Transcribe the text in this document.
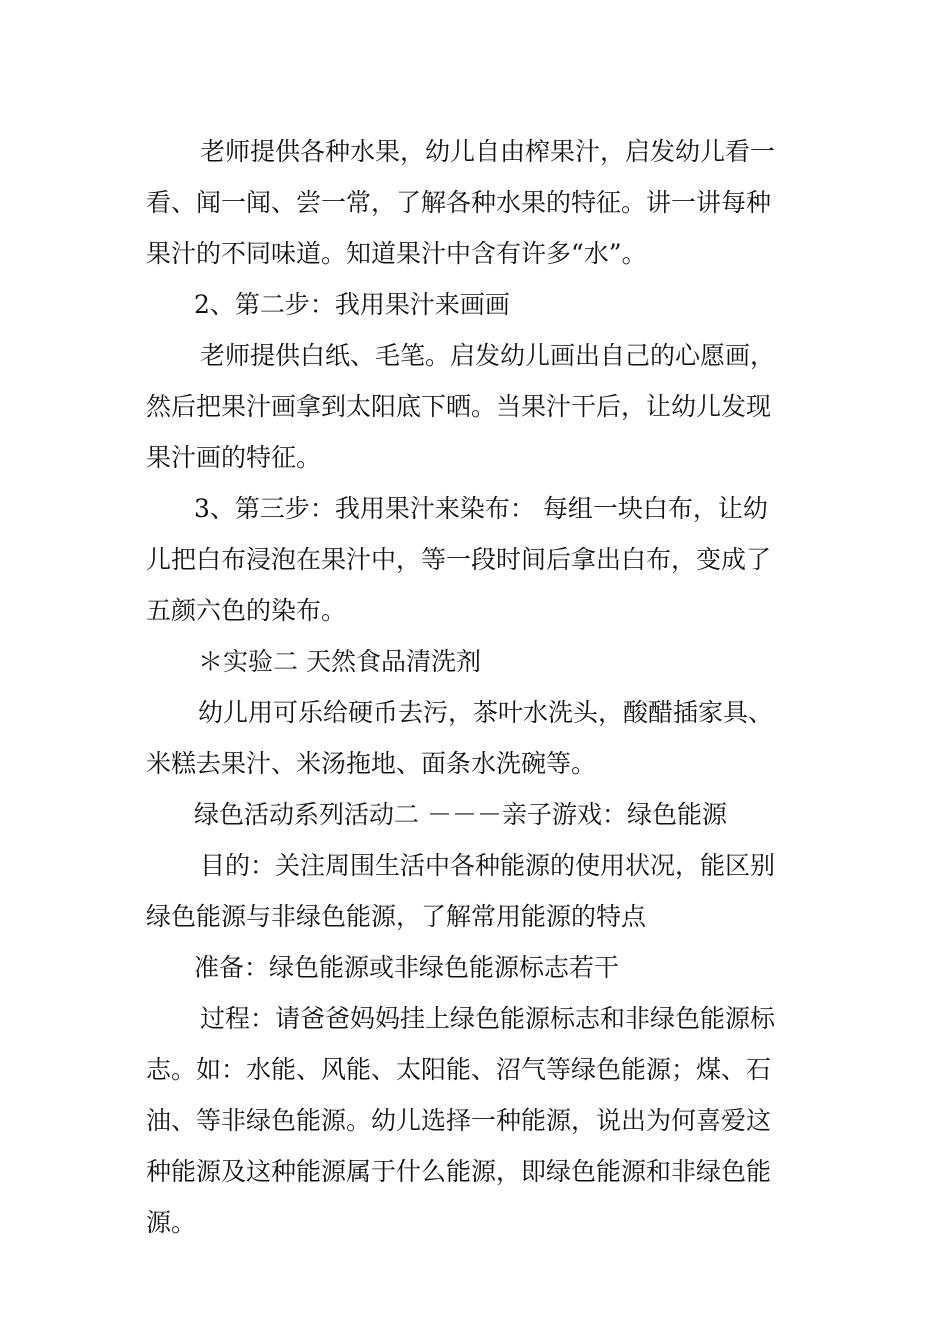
老师提供各种水果，幼儿自由榨果汁，启发幼儿看一
看、闻一闻、尝一常，了解各种水果的特征。讲一讲每种
果汁的不同味道。知道果汁中含有许多“水”。
2、第二步：我用果汁来画画
老师提供白纸、毛笔。启发幼儿画出自己的心愿画，
然后把果汁画拿到太阳底下晒。当果汁干后，让幼儿发现
果汁画的特征。
3、第三步：我用果汁来染布： 每组一块白布，让幼
儿把白布浸泡在果汁中，等一段时间后拿出白布，变成了
五颜六色的染布。
＊实验二 天然食品清洗剂
幼儿用可乐给硬币去污，茶叶水洗头，酸醋插家具、
米糕去果汁、米汤拖地、面条水洗碗等。
绿色活动系列活动二 －－－亲子游戏：绿色能源
目的：关注周围生活中各种能源的使用状况，能区别
绿色能源与非绿色能源，了解常用能源的特点
准备：绿色能源或非绿色能源标志若干
过程：请爸爸妈妈挂上绿色能源标志和非绿色能源标
志。如：水能、风能、太阳能、沼气等绿色能源；煤、石
油、等非绿色能源。幼儿选择一种能源，说出为何喜爱这
种能源及这种能源属于什么能源，即绿色能源和非绿色能
源。
